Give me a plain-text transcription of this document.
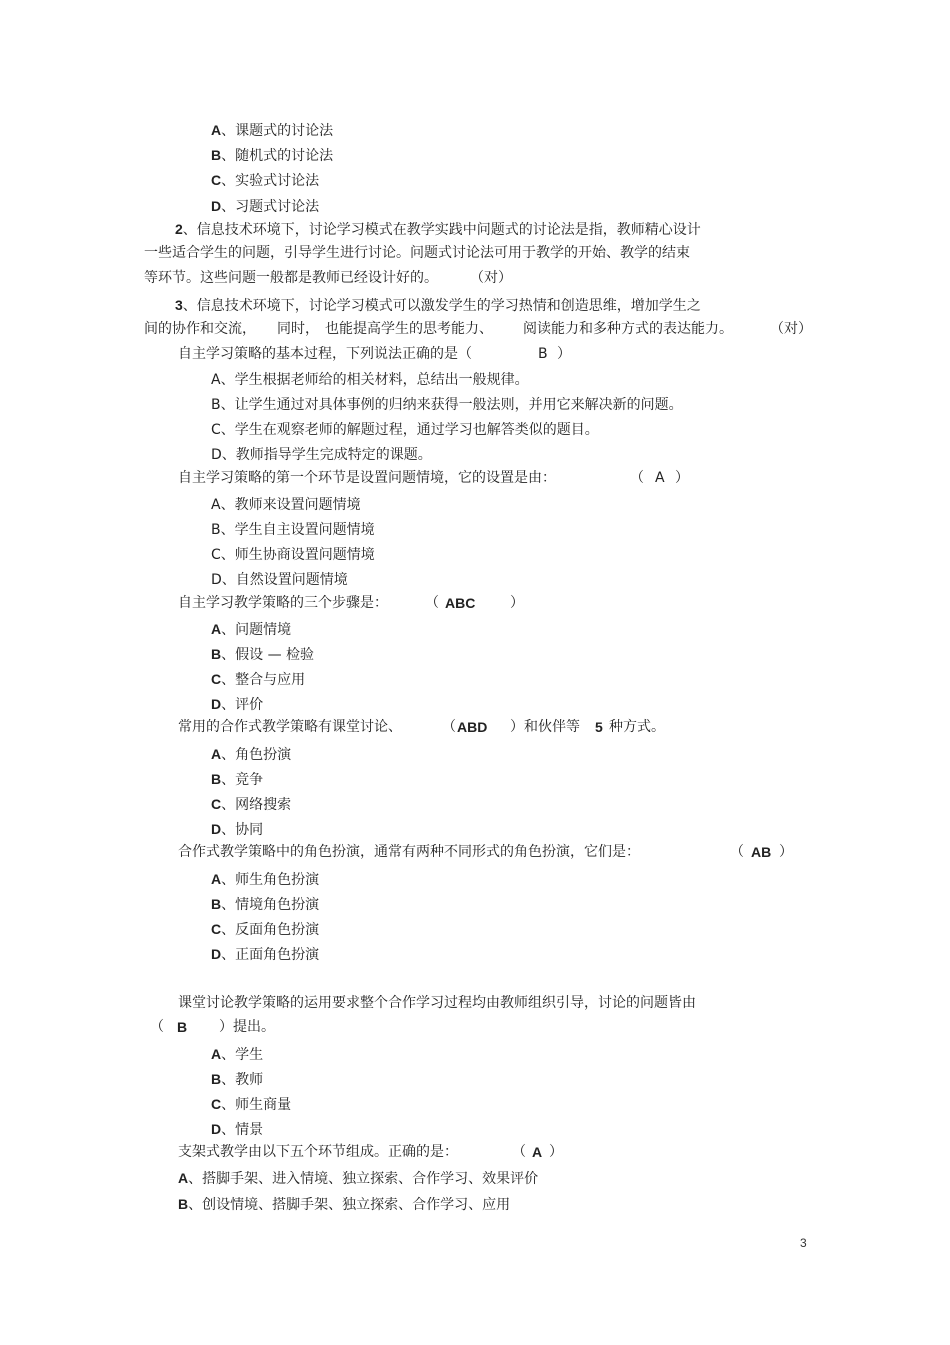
A、课题式的讨论法
B、随机式的讨论法
C、实验式讨论法
D、习题式讨论法
2、信息技术环境下，讨论学习模式在教学实践中问题式的讨论法是指，教师精心设计
一些适合学生的问题，引导学生进行讨论。问题式讨论法可用于教学的开始、教学的结束
等环节。这些问题一般都是教师已经设计好的。 （对）
3、信息技术环境下，讨论学习模式可以激发学生的学习热情和创造思维，增加学生之
间的协作和交流， 同时， 也能提高学生的思考能力、 阅读能力和多种方式的表达能力。	（对）
自主学习策略的基本过程，下列说法正确的是（	B ）
A、学生根据老师给的相关材料，总结出一般规律。
B、让学生通过对具体事例的归纳来获得一般法则，并用它来解决新的问题。
C、学生在观察老师的解题过程，通过学习也解答类似的题目。
D、教师指导学生完成特定的课题。
自主学习策略的第一个环节是设置问题情境，它的设置是由：	（ A ）
A、教师来设置问题情境
B、学生自主设置问题情境
C、师生协商设置问题情境
D、自然设置问题情境
自主学习教学策略的三个步骤是：	（ ABC ）
A、问题情境
B、假设 — 检验
C、整合与应用
D、评价
常用的合作式教学策略有课堂讨论、	（ ABD ）和伙伴等 5 种方式。
A、角色扮演
B、竞争
C、网络搜索
D、协同
合作式教学策略中的角色扮演，通常有两种不同形式的角色扮演，它们是：	（ AB ）
A、师生角色扮演
B、情境角色扮演
C、反面角色扮演
D、正面角色扮演
课堂讨论教学策略的运用要求整个合作学习过程均由教师组织引导，讨论的问题皆由
（ B ）提出。
A、学生
B、教师
C、师生商量
D、情景
支架式教学由以下五个环节组成。正确的是：	（ A ）
A、搭脚手架、进入情境、独立探索、合作学习、效果评价
B、创设情境、搭脚手架、独立探索、合作学习、应用
3
